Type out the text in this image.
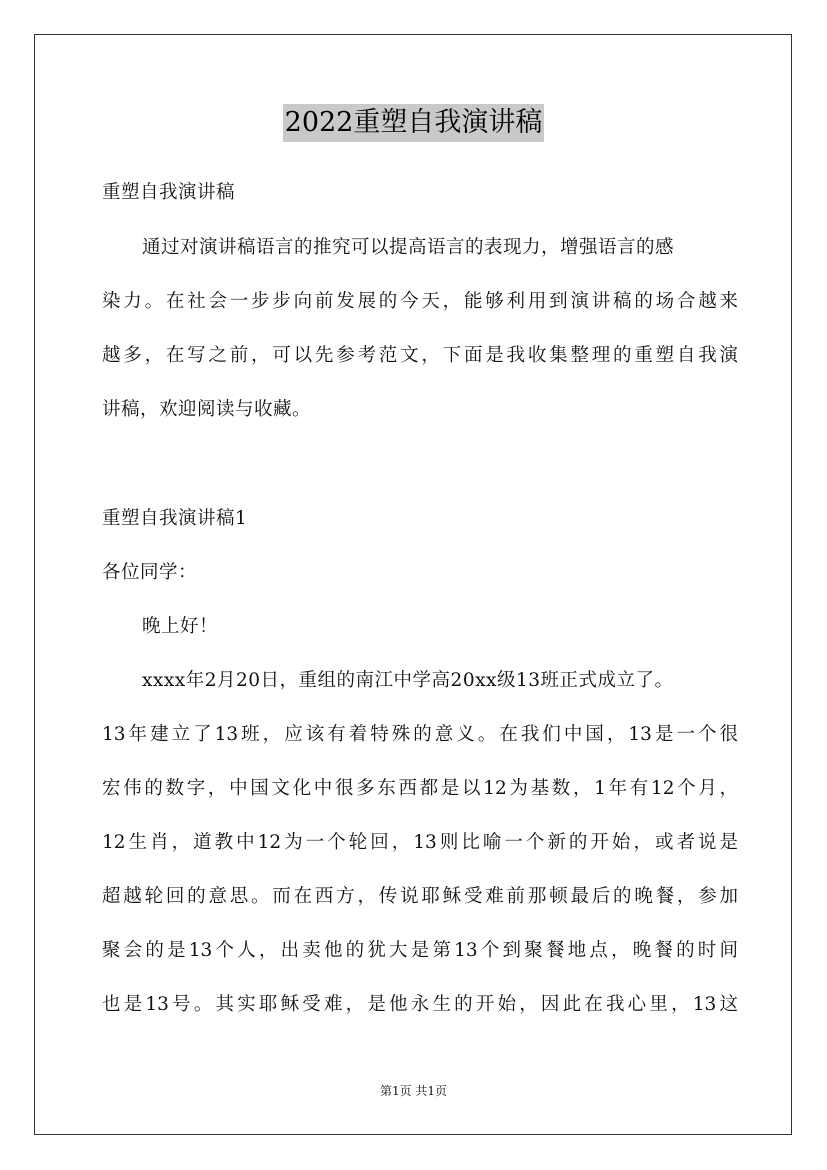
2022重塑自我演讲稿
重塑自我演讲稿
通过对演讲稿语言的推究可以提高语言的表现力，增强语言的感
染力。在社会一步步向前发展的今天，能够利用到演讲稿的场合越来
越多，在写之前，可以先参考范文，下面是我收集整理的重塑自我演
讲稿，欢迎阅读与收藏。
重塑自我演讲稿1
各位同学：
晚上好！
xxxx年2月20日，重组的南江中学高20xx级13班正式成立了。
13年建立了13班，应该有着特殊的意义。在我们中国，13是一个很
宏伟的数字，中国文化中很多东西都是以12为基数，1年有12个月，
12生肖，道教中12为一个轮回，13则比喻一个新的开始，或者说是
超越轮回的意思。而在西方，传说耶稣受难前那顿最后的晚餐，参加
聚会的是13个人，出卖他的犹大是第13个到聚餐地点，晚餐的时间
也是13号。其实耶稣受难，是他永生的开始，因此在我心里，13这
第1页 共1页
